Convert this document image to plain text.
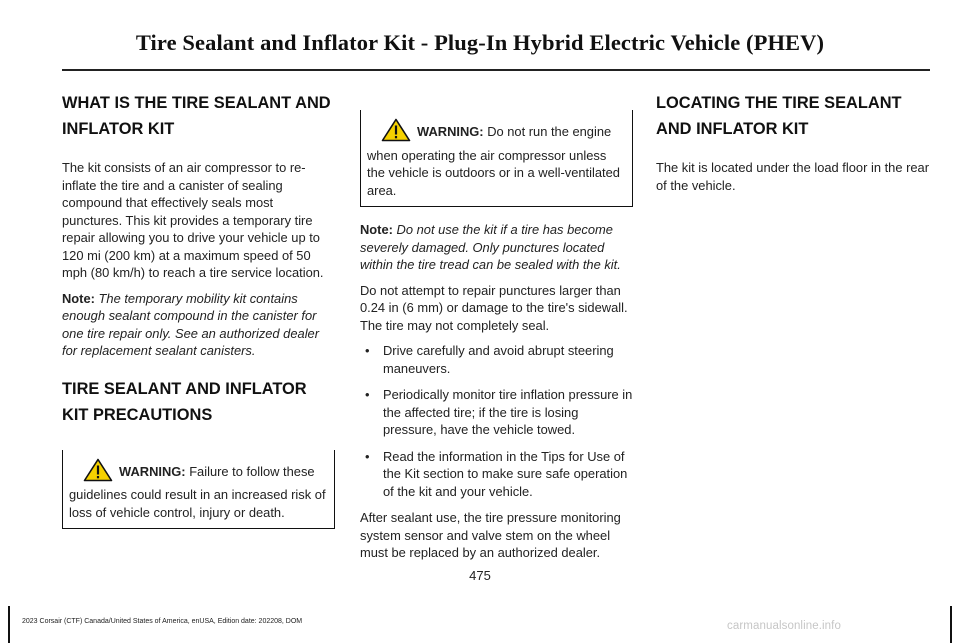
Tire Sealant and Inflator Kit - Plug-In Hybrid Electric Vehicle (PHEV)
WHAT IS THE TIRE SEALANT AND INFLATOR KIT

The kit consists of an air compressor to re-inflate the tire and a canister of sealing compound that effectively seals most punctures. This kit provides a temporary tire repair allowing you to drive your vehicle up to 120 mi (200 km) at a maximum speed of 50 mph (80 km/h) to reach a tire service location.

Note: The temporary mobility kit contains enough sealant compound in the canister for one tire repair only. See an authorized dealer for replacement sealant canisters.

TIRE SEALANT AND INFLATOR KIT PRECAUTIONS
WARNING: Failure to follow these guidelines could result in an increased risk of loss of vehicle control, injury or death.
WARNING: Do not run the engine when operating the air compressor unless the vehicle is outdoors or in a well-ventilated area.

Note: Do not use the kit if a tire has become severely damaged. Only punctures located within the tire tread can be sealed with the kit.

Do not attempt to repair punctures larger than 0.24 in (6 mm) or damage to the tire's sidewall. The tire may not completely seal.

• Drive carefully and avoid abrupt steering maneuvers.
• Periodically monitor tire inflation pressure in the affected tire; if the tire is losing pressure, have the vehicle towed.
• Read the information in the Tips for Use of the Kit section to make sure safe operation of the kit and your vehicle.

After sealant use, the tire pressure monitoring system sensor and valve stem on the wheel must be replaced by an authorized dealer.

LOCATING THE TIRE SEALANT AND INFLATOR KIT

The kit is located under the load floor in the rear of the vehicle.

475
2023 Corsair (CTF) Canada/United States of America, enUSA, Edition date: 202208, DOM	carmanualsonline.info
